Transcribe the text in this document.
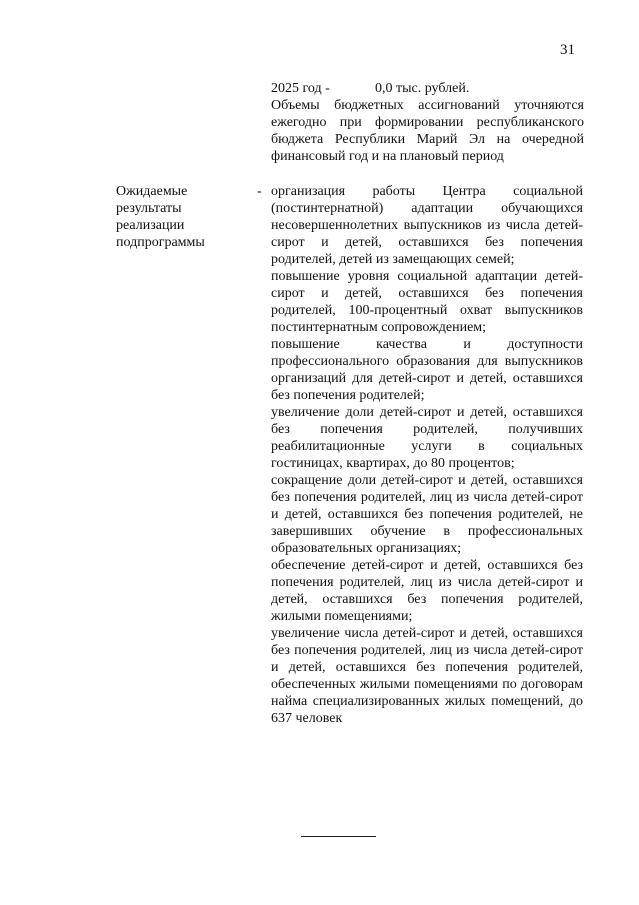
31
2025 год -	0,0 тыс. рублей.

Объемы бюджетных ассигнований уточняются ежегодно при формировании республиканского бюджета Республики Марий Эл на очередной финансовый год и на плановый период

Ожидаемые
результаты
реализации
подпрограммы
- организация работы Центра социальной (постинтернатной) адаптации обучающихся несовершеннолетних выпускников из числа детей-сирот и детей, оставшихся без попечения родителей, детей из замещающих семей;

повышение уровня социальной адаптации детей-сирот и детей, оставшихся без попечения родителей, 100-процентный охват выпускников постинтернатным сопровождением;

повышение качества и доступности профессионального образования для выпускников организаций для детей-сирот и детей, оставшихся без попечения родителей;

увеличение доли детей-сирот и детей, оставшихся без попечения родителей, получивших реабилитационные услуги в социальных гостиницах, квартирах, до 80 процентов;

сокращение доли детей-сирот и детей, оставшихся без попечения родителей, лиц из числа детей-сирот и детей, оставшихся без попечения родителей, не завершивших обучение в профессиональных образовательных организациях;

обеспечение детей-сирот и детей, оставшихся без попечения родителей, лиц из числа детей-сирот и детей, оставшихся без попечения родителей, жилыми помещениями;

увеличение числа детей-сирот и детей, оставшихся без попечения родителей, лиц из числа детей-сирот и детей, оставшихся без попечения родителей, обеспеченных жилыми помещениями по договорам найма специализированных жилых помещений, до 637 человек
